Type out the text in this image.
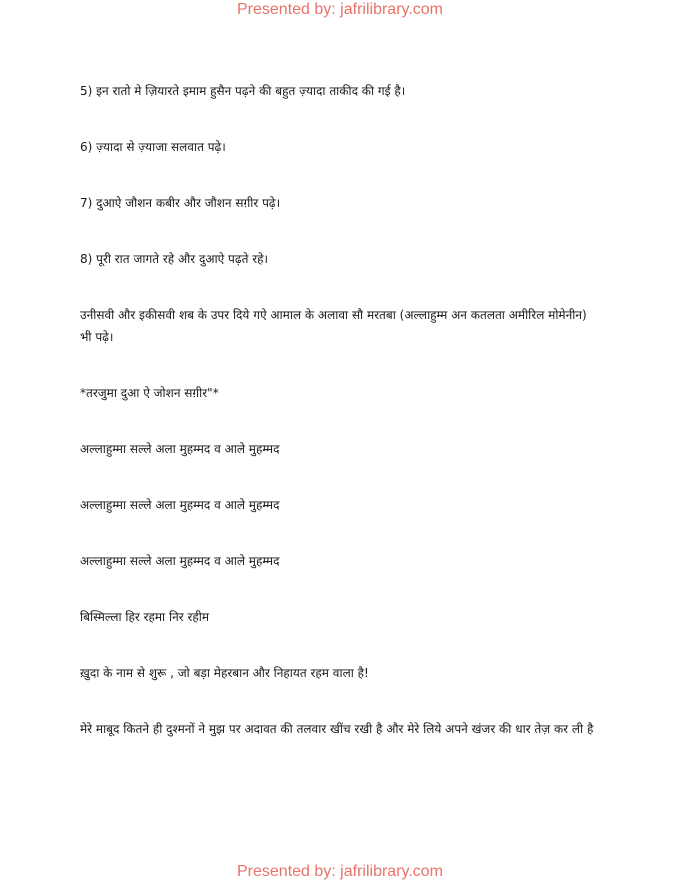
Presented by: jafrilibrary.com

5) इन रातो मे ज़ियारते इमाम हुसैन पढ़ने की बहुत ज़्यादा ताकीद की गई है।

6) ज़्यादा से ज़्याजा सलवात पढ़े।

7) दुआऐ जौशन कबीर और जौशन सग़ीर पढ़े।

8) पूरी रात जागते रहे और दुआऐ पढ़ते रहे।

उनीसवी और इकीसवी शब के उपर दिये गऐ आमाल के अलावा सौ मरतबा (अल्लाहुम्म अन कतलता अमीरिल मोमेनीन) भी पढ़े।

*तरजुमा दुआ ऐ जोशन सग़ीर"*

अल्लाहुम्मा सल्ले अला मुहम्मद व आले मुहम्मद

अल्लाहुम्मा सल्ले अला मुहम्मद व आले मुहम्मद

अल्लाहुम्मा सल्ले अला मुहम्मद व आले मुहम्मद

बिस्मिल्ला हिर रहमा निर रहीम

ख़ुदा के नाम से शुरू , जो बड़ा मेहरबान और निहायत रहम वाला है!

मेरे माबूद कितने ही दुश्मनों ने मुझ पर अदावत की तलवार खींच रखी है और मेरे लिये अपने खंजर की धार तेज़ कर ली है

Presented by: jafrilibrary.com
